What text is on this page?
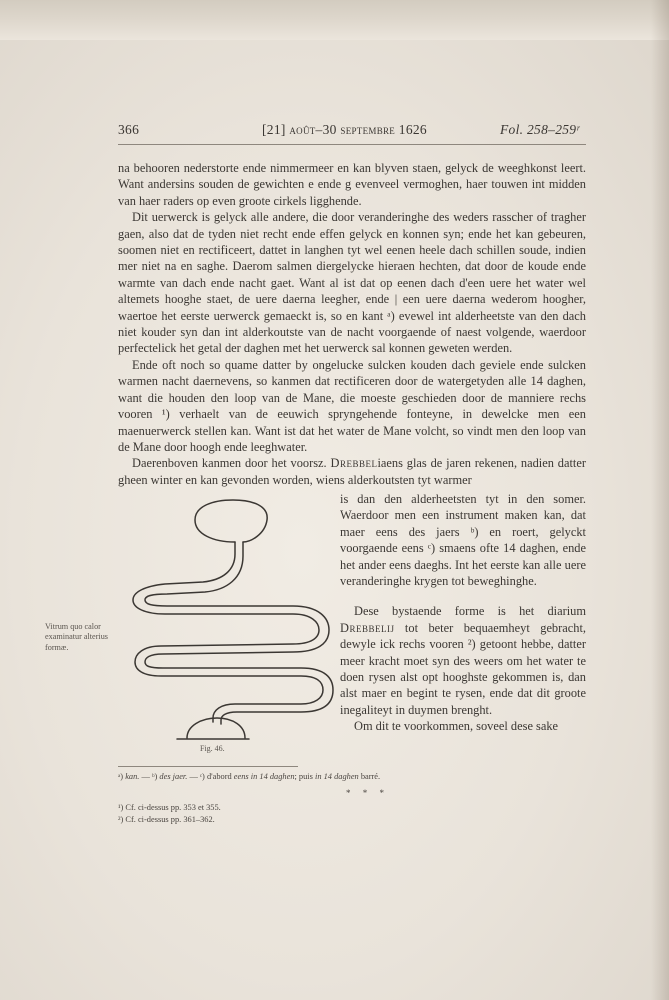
366	[21] août–30 septembre 1626	Fol. 258–259ʳ

na behooren nederstorte ende nimmermeer en kan blyven staen, gelyck de weeghkonst leert. Want andersins souden de gewichten e ende g evenveel vermoghen, haer touwen int midden van haer raders op even groote cirkels ligghende.

Dit uerwerck is gelyck alle andere, die door veranderinghe des weders rasscher of tragher gaen, also dat de tyden niet recht ende effen gelyck en konnen syn; ende het kan gebeuren, soomen niet en rectificeert, dattet in langhen tyt wel eenen heele dach schillen soude, indien mer niet na en saghe. Daerom salmen diergelycke hieraen hechten, dat door de koude ende warmte van dach ende nacht gaet. Want al ist dat op eenen dach d'een uere het water wel altemets hooghe staet, de uere daerna leegher, ende | een uere daerna wederom hoogher, waertoe het eerste uerwerck gemaeckt is, so en kant ᵃ) evewel int alderheetste van den dach niet kouder syn dan int alderkoutste van de nacht voorgaende of naest volgende, waerdoor perfectelick het getal der daghen met het uerwerck sal konnen geweten werden.

Ende oft noch so quame datter by ongelucke sulcken kouden dach geviele ende sulcken warmen nacht daernevens, so kanmen dat rectificeren door de watergetyden alle 14 daghen, want die houden den loop van de Mane, die moeste geschieden door de manniere rechs vooren ¹) verhaelt van de eeuwich spryngehende fonteyne, in dewelcke men een maenuerwerck stellen kan. Want ist dat het water de Mane volcht, so vindt men den loop van de Mane door hoogh ende leeghwater.

Daerenboven kanmen door het voorsz. Drebbeliaens glas de jaren rekenen, nadien datter gheen winter en kan gevonden worden, wiens alderkoutsten tyt warmer

is dan den alderheetsten tyt in den somer. Waerdoor men een instrument maken kan, dat maer eens des jaers ᵇ) en roert, gelyckt voorgaende eens ᶜ) smaens ofte 14 daghen, ende het ander eens daeghs. Int het eerste kan alle uere veranderinghe krygen tot beweghinghe.

Dese bystaende forme is het diarium Drebbelij tot beter bequaemheyt gebracht, dewyle ick rechs vooren ²) getoont hebbe, datter meer kracht moet syn des weers om het water te doen rysen alst opt hooghste gekommen is, dan alst maer en begint te rysen, ende dat dit groote inegaliteyt in duymen brenght.

Om dit te voorkommen, soveel dese sake

Vitrum quo calor examinatur alterius formæ.
Fig. 46.
ᵃ) kan. — ᵇ) des jaer. — ᶜ) d'abord eens in 14 daghen; puis in 14 daghen barré.
* * *
¹) Cf. ci-dessus pp. 353 et 355.
²) Cf. ci-dessus pp. 361–362.
